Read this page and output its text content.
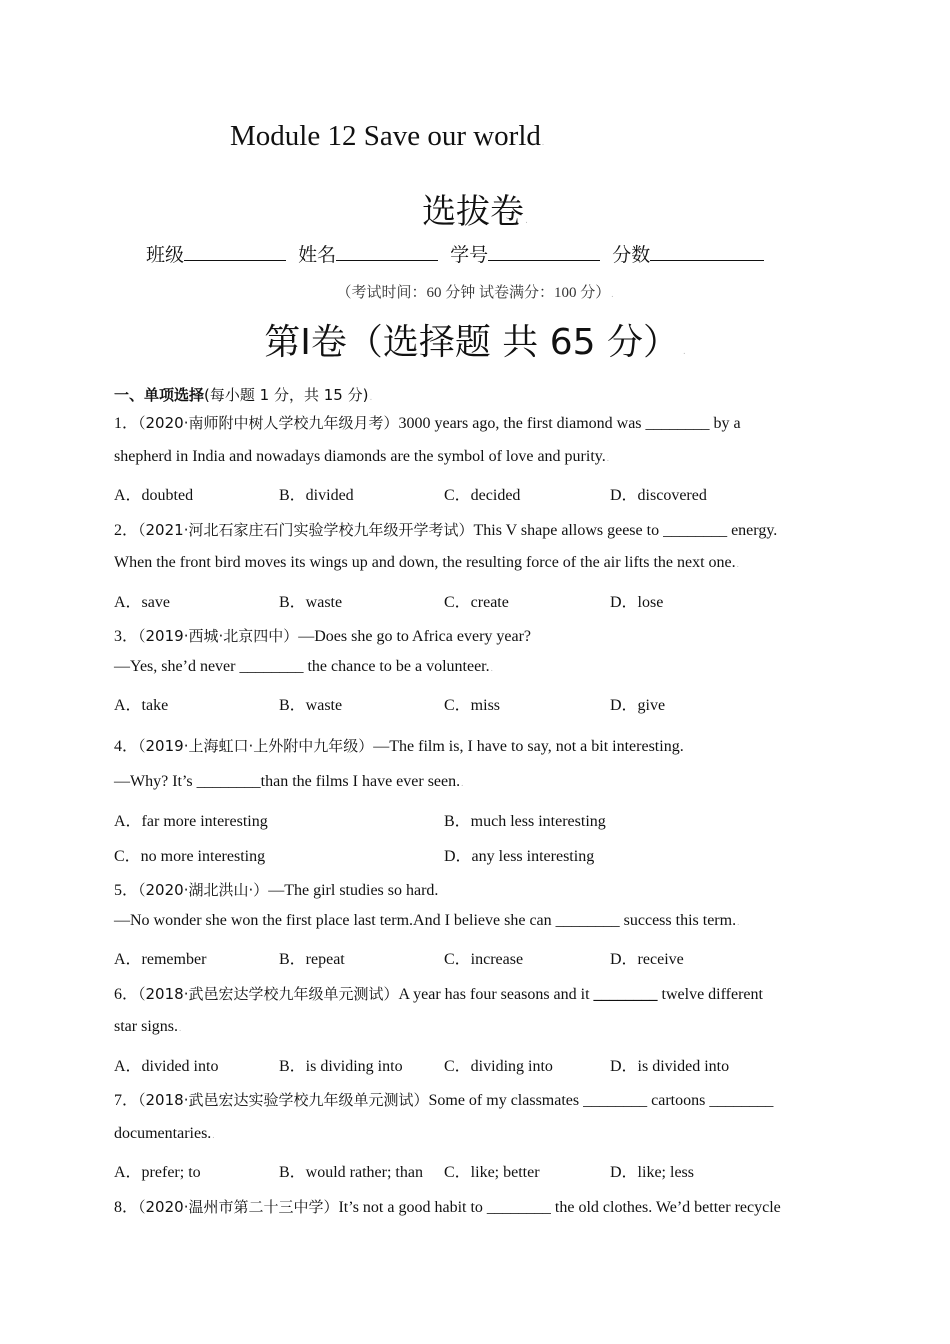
Module 12 Save our world.
选拔卷.
班级	姓名	学号	分数
（考试时间：60 分钟 试卷满分：100 分）.
第I卷（选择题 共 65 分） .
一、单项选择(每小题 1 分，共 15 分).
1．（2020·南师附中树人学校九年级月考）3000 years ago, the first diamond was ________ by a
shepherd in India and nowadays diamonds are the symbol of love and purity..
A．doubted	B．divided	C．decided	D．discovered
2．（2021·河北石家庄石门实验学校九年级开学考试）This V shape allows geese to ________ energy.
When the front bird moves its wings up and down, the resulting force of the air lifts the next one..
A．save	B．waste	C．create	D．lose
3．（2019·西城·北京四中）—Does she go to Africa every year?
—Yes, she’d never ________ the chance to be a volunteer..
A．take	B．waste	C．miss	D．give
4．（2019·上海虹口·上外附中九年级）—The film is, I have to say, not a bit interesting.
—Why? It’s ________than the films I have ever seen..
A．far more interesting	B．much less interesting
C．no more interesting	D．any less interesting
5．（2020·湖北洪山·）—The girl studies so hard.
—No wonder she won the first place last term.And I believe she can ________ success this term..
A．remember	B．repeat	C．increase	D．receive
6．（2018·武邑宏达学校九年级单元测试）A year has four seasons and it ________ twelve different
star signs..
A．divided into	B．is dividing into	C．dividing into	D．is divided into
7．（2018·武邑宏达实验学校九年级单元测试）Some of my classmates ________ cartoons ________
documentaries..
A．prefer; to	B．would rather; than C．like; better	D．like; less
8．（2020·温州市第二十三中学）It’s not a good habit to ________ the old clothes. We’d better recycle
